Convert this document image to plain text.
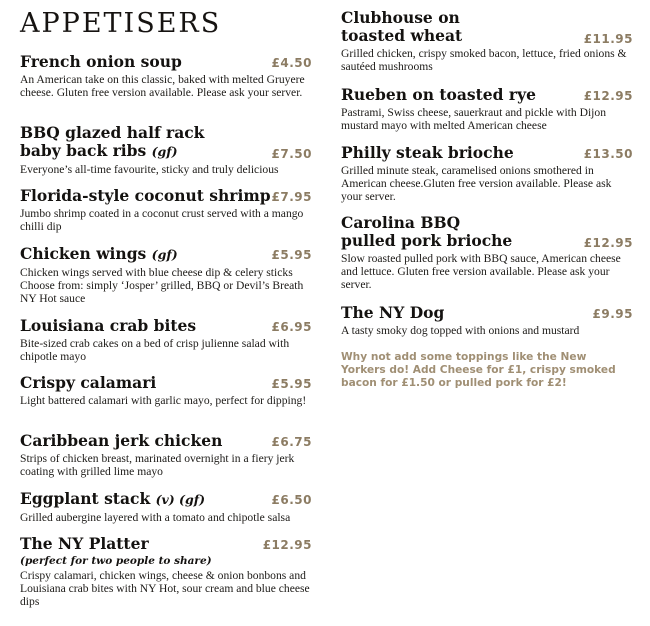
APPETISERS
£4.50

French onion soup

An American take on this classic, baked with melted Gruyere cheese. Gluten free version available. Please ask your server.

£7.50

BBQ glazed half rack

baby back ribs (gf)

Everyone’s all-time favourite, sticky and truly delicious

£7.95

Florida-style coconut shrimp

Jumbo shrimp coated in a coconut crust served with a mango chilli dip

£5.95

Chicken wings (gf)

Chicken wings served with blue cheese dip & celery sticks Choose from: simply ‘Josper’ grilled, BBQ or Devil’s Breath NY Hot sauce

£6.95

Louisiana crab bites

Bite-sized crab cakes on a bed of crisp julienne salad with chipotle mayo

£5.95

Crispy calamari

Light battered calamari with garlic mayo, perfect for dipping!

£6.75

Caribbean jerk chicken

Strips of chicken breast, marinated overnight in a fiery jerk coating with grilled lime mayo

£6.50

Eggplant stack (v) (gf)

Grilled aubergine layered with a tomato and chipotle salsa

£12.95

The NY Platter

(perfect for two people to share)

Crispy calamari, chicken wings, cheese & onion bonbons and Louisiana crab bites with NY Hot, sour cream and blue cheese dips

£11.95

Clubhouse on

toasted wheat

Grilled chicken, crispy smoked bacon, lettuce, fried onions & sautéed mushrooms

£12.95

Rueben on toasted rye

Pastrami, Swiss cheese, sauerkraut and pickle with Dijon mustard mayo with melted American cheese

£13.50

Philly steak brioche

Grilled minute steak, caramelised onions smothered in American cheese.Gluten free version available. Please ask your server.

£12.95

Carolina BBQ

pulled pork brioche

Slow roasted pulled pork with BBQ sauce, American cheese and lettuce. Gluten free version available. Please ask your server.

£9.95

The NY Dog

A tasty smoky dog topped with onions and mustard

Why not add some toppings like the New Yorkers do! Add Cheese for £1, crispy smoked bacon for £1.50 or pulled pork for £2!
